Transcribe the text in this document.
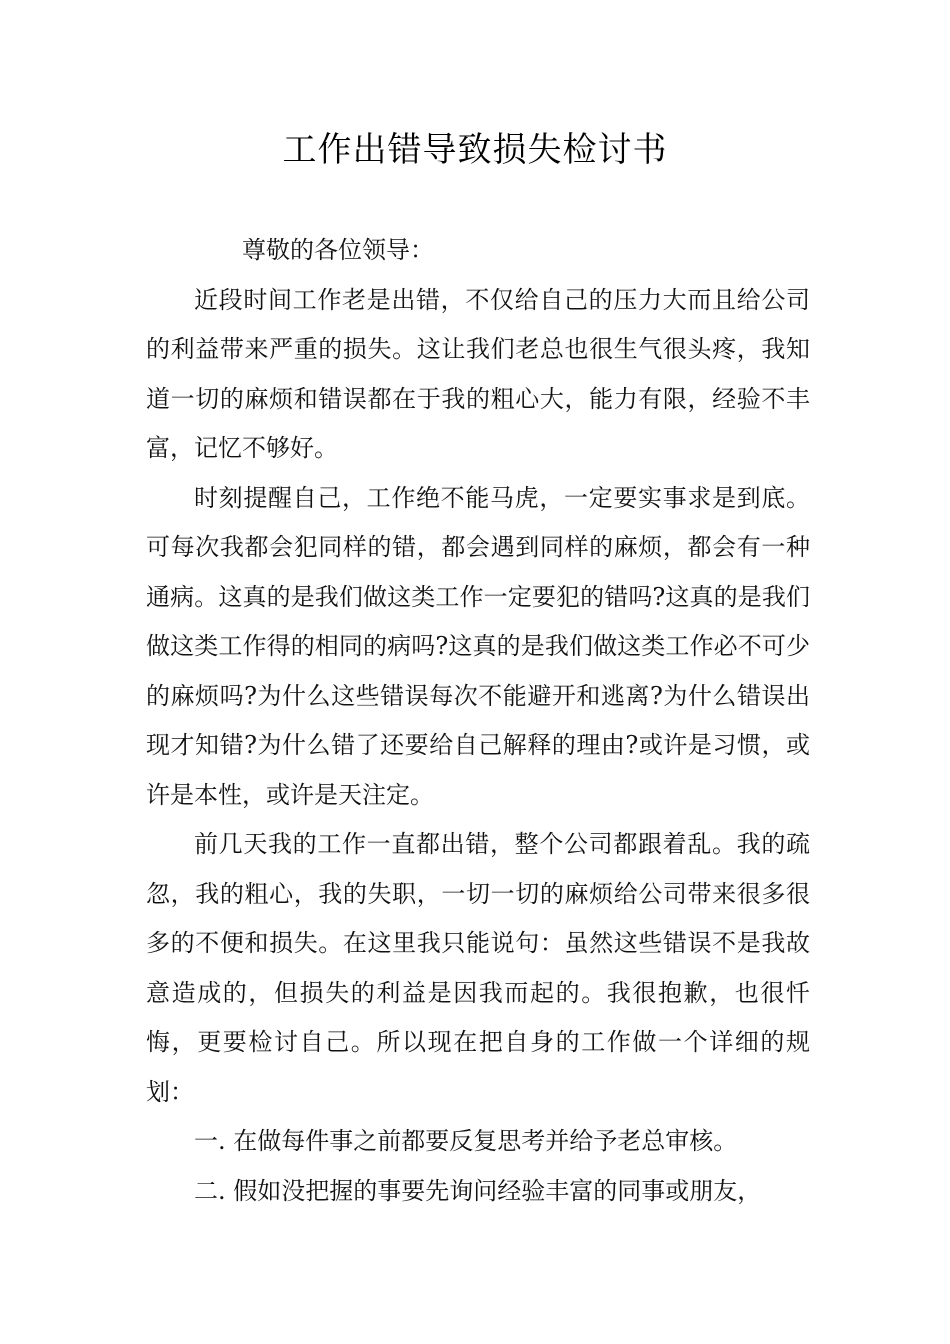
工作出错导致损失检讨书

尊敬的各位领导：

近段时间工作老是出错，不仅给自己的压力大而且给公司的利益带来严重的损失。这让我们老总也很生气很头疼，我知道一切的麻烦和错误都在于我的粗心大，能力有限，经验不丰富，记忆不够好。

时刻提醒自己，工作绝不能马虎，一定要实事求是到底。可每次我都会犯同样的错，都会遇到同样的麻烦，都会有一种通病。这真的是我们做这类工作一定要犯的错吗?这真的是我们做这类工作得的相同的病吗?这真的是我们做这类工作必不可少的麻烦吗?为什么这些错误每次不能避开和逃离?为什么错误出现才知错?为什么错了还要给自己解释的理由?或许是习惯，或许是本性，或许是天注定。

前几天我的工作一直都出错，整个公司都跟着乱。我的疏忽，我的粗心，我的失职，一切一切的麻烦给公司带来很多很多的不便和损失。在这里我只能说句：虽然这些错误不是我故意造成的，但损失的利益是因我而起的。我很抱歉，也很忏悔，更要检讨自己。所以现在把自身的工作做一个详细的规划：

一. 在做每件事之前都要反复思考并给予老总审核。

二. 假如没把握的事要先询问经验丰富的同事或朋友，
